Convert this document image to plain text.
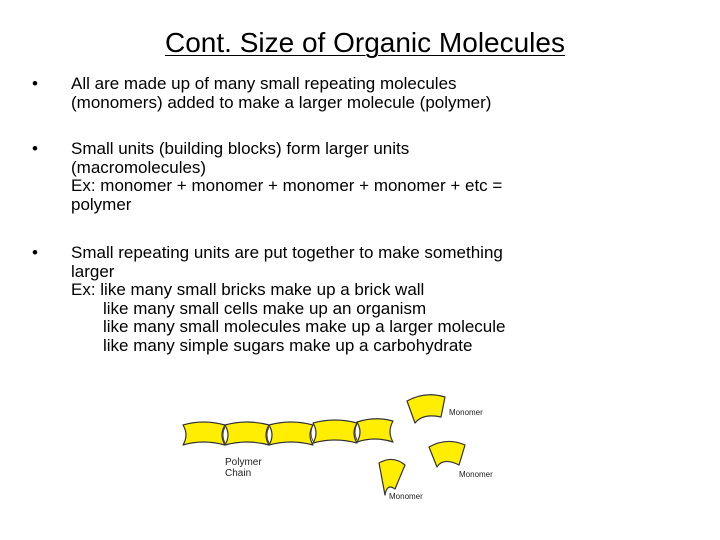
Cont. Size of Organic Molecules
• All are made up of many small repeating molecules
(monomers) added to make a larger molecule (polymer)
• Small units (building blocks) form larger units
(macromolecules)
Ex: monomer + monomer + monomer + monomer + etc =
polymer
• Small repeating units are put together to make something
larger
Ex: like many small bricks make up a brick wall
like many small cells make up an organism
like many small molecules make up a larger molecule
like many simple sugars make up a carbohydrate
Polymer
Chain
Monomer
Monomer
Monomer
